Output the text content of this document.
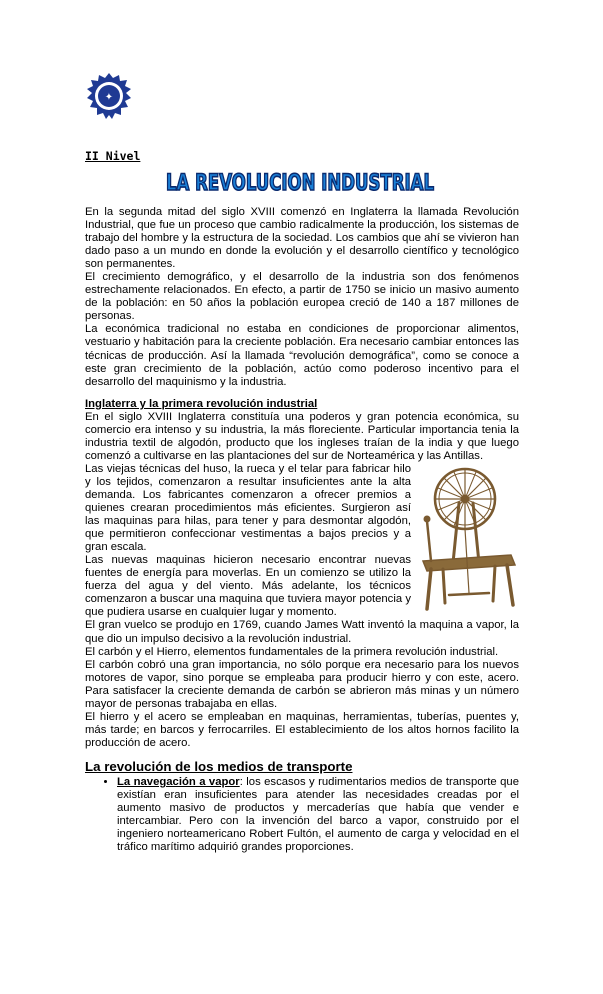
✦
II Nivel
LA REVOLUCION INDUSTRIAL

En la segunda mitad del siglo XVIII comenzó en Inglaterra la llamada Revolución Industrial, que fue un proceso que cambio radicalmente la producción, los sistemas de trabajo del hombre y la estructura de la sociedad. Los cambios que ahí se vivieron han dado paso a un mundo en donde la evolución y el desarrollo científico y tecnológico son permanentes.

El crecimiento demográfico, y el desarrollo de la industria son dos fenómenos estrechamente relacionados. En efecto, a partir de 1750 se inicio un masivo aumento de la población: en 50 años la población europea creció de 140 a 187 millones de personas.

La económica tradicional no estaba en condiciones de proporcionar alimentos, vestuario y habitación para la creciente población. Era necesario cambiar entonces las técnicas de producción. Así la llamada “revolución demográfica”, como se conoce a este gran crecimiento de la población, actúo como poderoso incentivo para el desarrollo del maquinismo y la industria.

Inglaterra y la primera revolución industrial

En el siglo XVIII Inglaterra constituía una poderos y gran potencia económica, su comercio era intenso y su industria, la más floreciente. Particular importancia tenia la industria textil de algodón, producto que los ingleses traían de la india y que luego comenzó a cultivarse en las plantaciones del sur de Norteamérica y las Antillas.

Las viejas técnicas del huso, la rueca y el telar para fabricar hilo y los tejidos, comenzaron a resultar insuficientes ante la alta demanda. Los fabricantes comenzaron a ofrecer premios a quienes crearan procedimientos más eficientes. Surgieron así las maquinas para hilas, para tener y para desmontar algodón, que permitieron confeccionar vestimentas a bajos precios y a gran escala.

Las nuevas maquinas hicieron necesario encontrar nuevas fuentes de energía para moverlas. En un comienzo se utilizo la fuerza del agua y del viento. Más adelante, los técnicos comenzaron a buscar una maquina que tuviera mayor potencia y que pudiera usarse en cualquier lugar y momento.

El gran vuelco se produjo en 1769, cuando James Watt inventó la maquina a vapor, la que dio un impulso decisivo a la revolución industrial.

El carbón y el Hierro, elementos fundamentales de la primera revolución industrial.

El carbón cobró una gran importancia, no sólo porque era necesario para los nuevos motores de vapor, sino porque se empleaba para producir hierro y con este, acero. Para satisfacer la creciente demanda de carbón se abrieron más minas y un número mayor de personas trabajaba en ellas.

El hierro y el acero se empleaban en maquinas, herramientas, tuberías, puentes y, más tarde; en barcos y ferrocarriles. El establecimiento de los altos hornos facilito la producción de acero.

La revolución de los medios de transporte
• La navegación a vapor: los escasos y rudimentarios medios de transporte que existían eran insuficientes para atender las necesidades creadas por el aumento masivo de productos y mercaderías que había que vender e intercambiar. Pero con la invención del barco a vapor, construido por el ingeniero norteamericano Robert Fultón, el aumento de carga y velocidad en el tráfico marítimo adquirió grandes proporciones.
